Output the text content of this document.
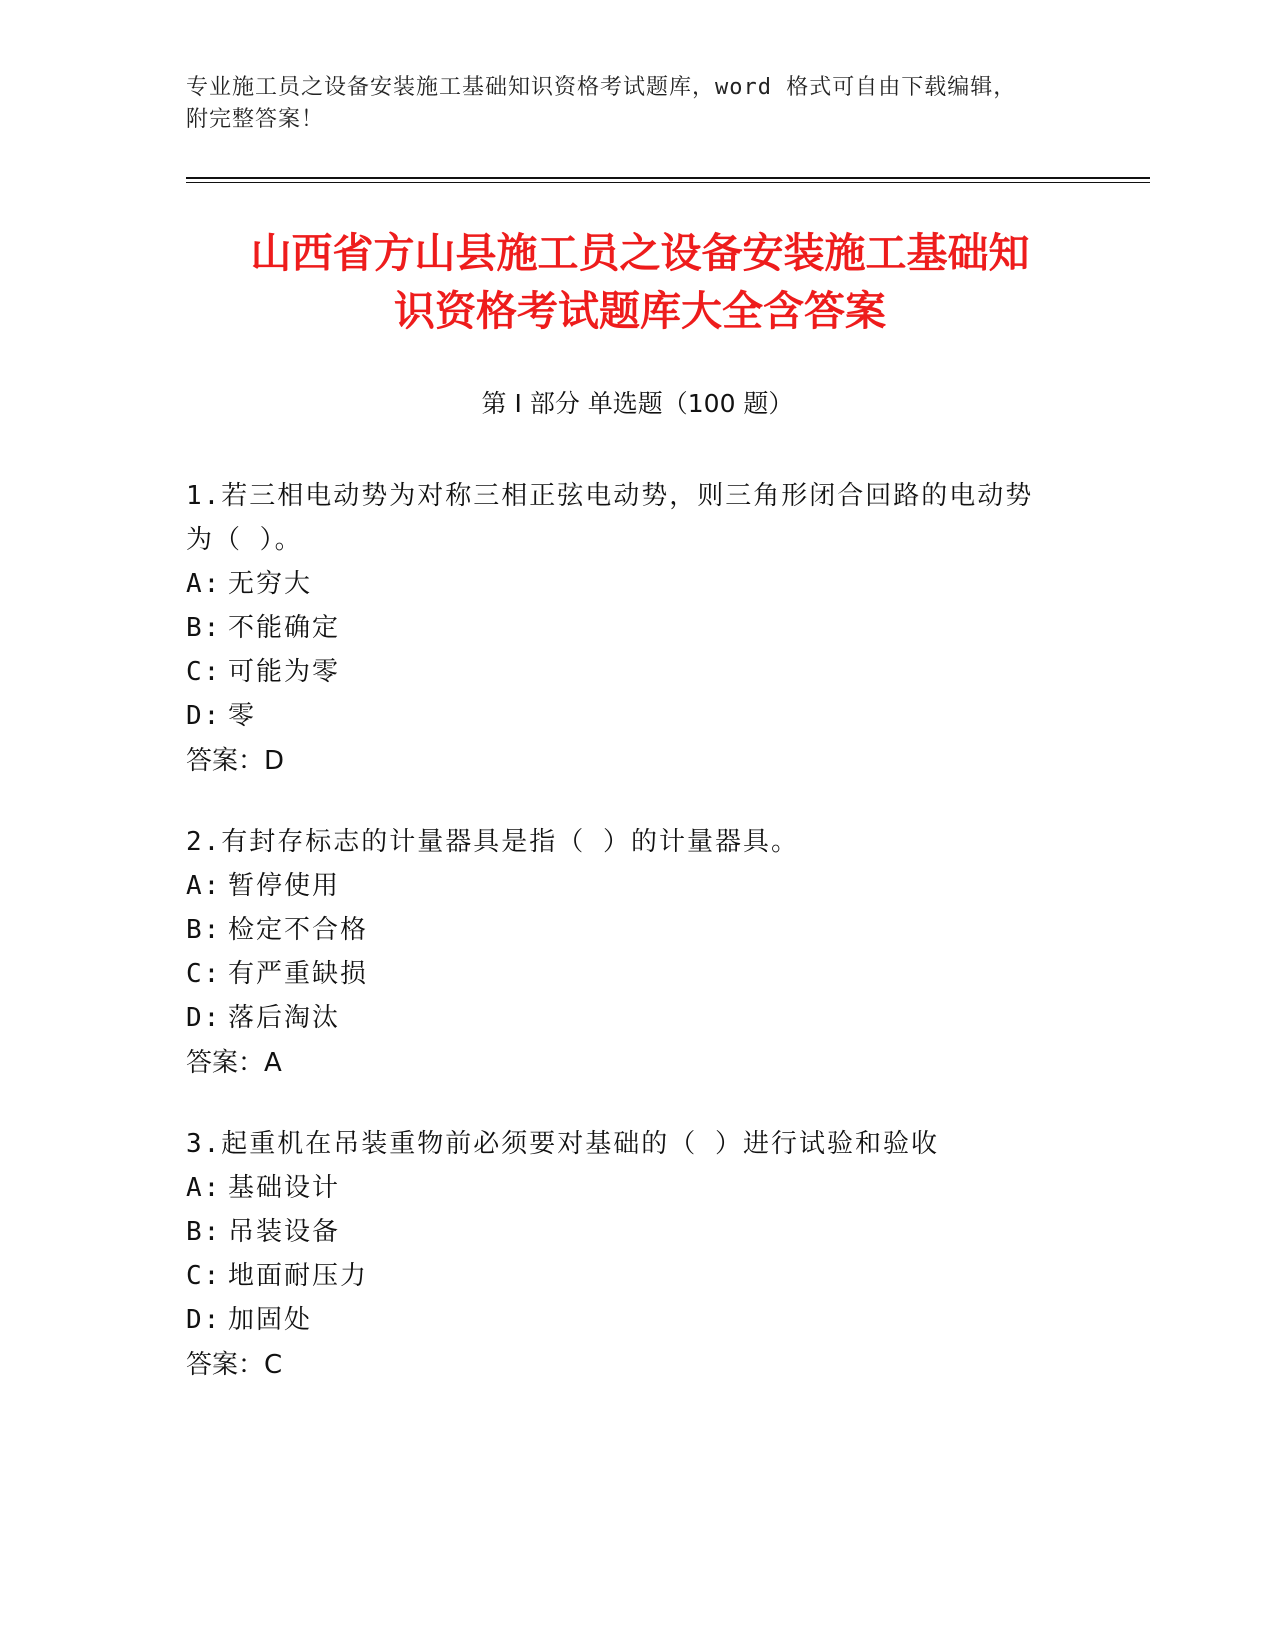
专业施工员之设备安装施工基础知识资格考试题库，word 格式可自由下载编辑，
附完整答案！
山西省方山县施工员之设备安装施工基础知
识资格考试题库大全含答案
第 I 部分 单选题（100 题）
1.若三相电动势为对称三相正弦电动势，则三角形闭合回路的电动势
为（ ）。
A: 无穷大
B: 不能确定
C: 可能为零
D: 零
答案：D
2.有封存标志的计量器具是指（ ）的计量器具。
A: 暂停使用
B: 检定不合格
C: 有严重缺损
D: 落后淘汰
答案：A
3.起重机在吊装重物前必须要对基础的（ ）进行试验和验收
A: 基础设计
B: 吊装设备
C: 地面耐压力
D: 加固处
答案：C
